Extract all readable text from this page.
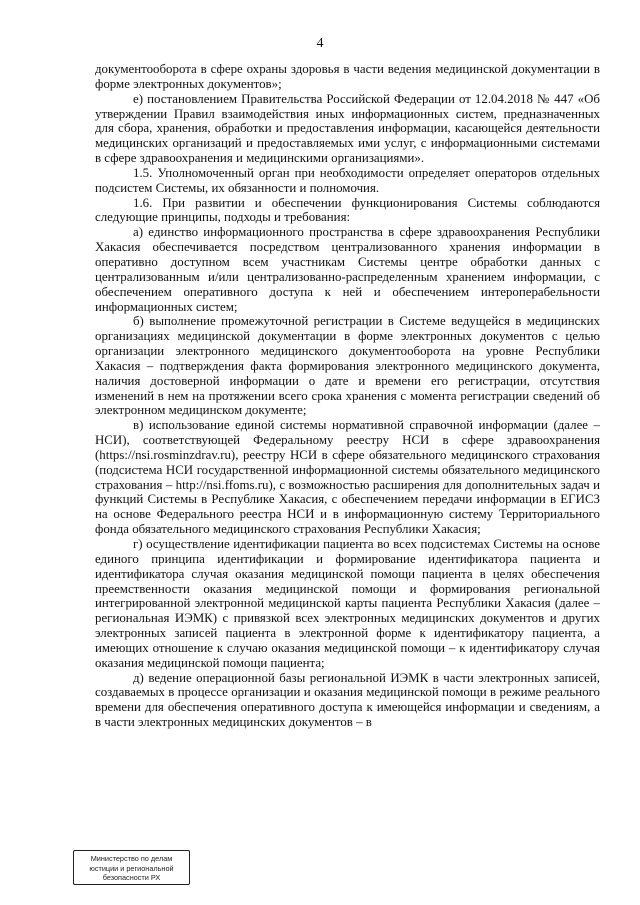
4

документооборота в сфере охраны здоровья в части ведения медицинской документации в форме электронных документов»;

е) постановлением Правительства Российской Федерации от 12.04.2018 № 447 «Об утверждении Правил взаимодействия иных информационных систем, предназначенных для сбора, хранения, обработки и предоставления информации, касающейся деятельности медицинских организаций и предоставляемых ими услуг, с информационными системами в сфере здравоохранения и медицинскими организациями».

1.5. Уполномоченный орган при необходимости определяет операторов отдельных подсистем Системы, их обязанности и полномочия.

1.6. При развитии и обеспечении функционирования Системы соблюдаются следующие принципы, подходы и требования:

а) единство информационного пространства в сфере здравоохранения Республики Хакасия обеспечивается посредством централизованного хранения информации в оперативно доступном всем участникам Системы центре обработки данных с централизованным и/или централизованно-распределенным хранением информации, с обеспечением оперативного доступа к ней и обеспечением интероперабельности информационных систем;

б) выполнение промежуточной регистрации в Системе ведущейся в медицинских организациях медицинской документации в форме электронных документов с целью организации электронного медицинского документооборота на уровне Республики Хакасия – подтверждения факта формирования электронного медицинского документа, наличия достоверной информации о дате и времени его регистрации, отсутствия изменений в нем на протяжении всего срока хранения с момента регистрации сведений об электронном медицинском документе;

в) использование единой системы нормативной справочной информации (далее – НСИ), соответствующей Федеральному реестру НСИ в сфере здравоохранения (https://nsi.rosminzdrav.ru), реестру НСИ в сфере обязательного медицинского страхования (подсистема НСИ государственной информационной системы обязательного медицинского страхования – http://nsi.ffoms.ru), с возможностью расширения для дополнительных задач и функций Системы в Республике Хакасия, с обеспечением передачи информации в ЕГИСЗ на основе Федерального реестра НСИ и в информационную систему Территориального фонда обязательного медицинского страхования Республики Хакасия;

г) осуществление идентификации пациента во всех подсистемах Системы на основе единого принципа идентификации и формирование идентификатора пациента и идентификатора случая оказания медицинской помощи пациента в целях обеспечения преемственности оказания медицинской помощи и формирования региональной интегрированной электронной медицинской карты пациента Республики Хакасия (далее – региональная ИЭМК) с привязкой всех электронных медицинских документов и других электронных записей пациента в электронной форме к идентификатору пациента, а имеющих отношение к случаю оказания медицинской помощи – к идентификатору случая оказания медицинской помощи пациента;

д) ведение операционной базы региональной ИЭМК в части электронных записей, создаваемых в процессе организации и оказания медицинской помощи в режиме реального времени для обеспечения оперативного доступа к имеющейся информации и сведениям, а в части электронных медицинских документов – в

Министерство по делам
юстиции и региональной
безопасности РХ
